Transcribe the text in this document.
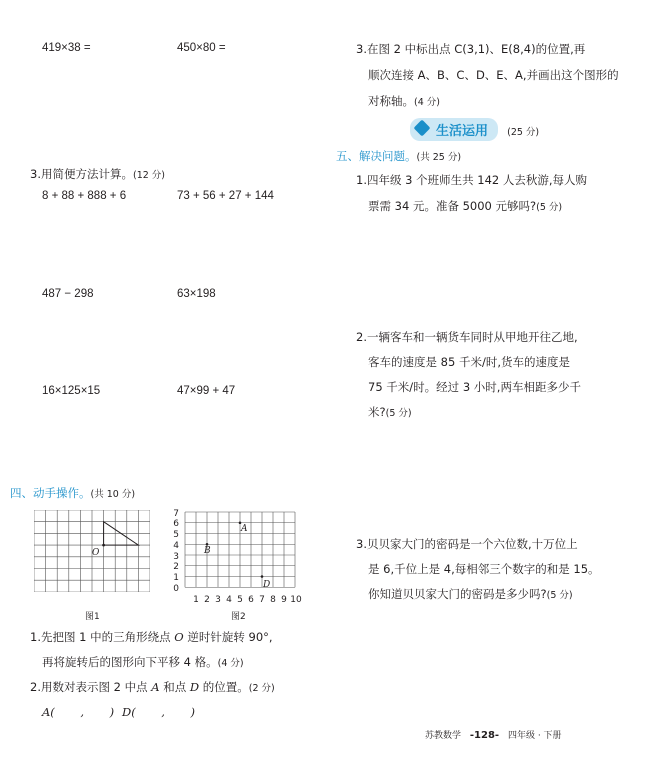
419×38 =	450×80 =
3.用简便方法计算。(12 分)
8 + 88 + 888 + 6	73 + 56 + 27 + 144
487 − 298	63×198
16×125×15	47×99 + 47
四、动手操作。(共 10 分)
O
图1
0
1
2
3
4
5
6
7
1 2 3 4 5 6 7 8 9 10
A
B
D
图2
1.先把图 1 中的三角形绕点 O 逆时针旋转 90°,
再将旋转后的图形向下平移 4 格。(4 分)
2.用数对表示图 2 中点 A 和点 D 的位置。(2 分)
A(       ,       ) D(       ,       )
3.在图 2 中标出点 C(3,1)、E(8,4)的位置,再
顺次连接 A、B、C、D、E、A,并画出这个图形的
对称轴。(4 分)
生活运用 (25 分)
五、解决问题。(共 25 分)
1.四年级 3 个班师生共 142 人去秋游,每人购
票需 34 元。准备 5000 元够吗?(5 分)
2.一辆客车和一辆货车同时从甲地开往乙地,
客车的速度是 85 千米/时,货车的速度是
75 千米/时。经过 3 小时,两车相距多少千
米?(5 分)
3.贝贝家大门的密码是一个六位数,十万位上
是 6,千位上是 4,每相邻三个数字的和是 15。
你知道贝贝家大门的密码是多少吗?(5 分)
苏教数学 -128- 四年级 · 下册
